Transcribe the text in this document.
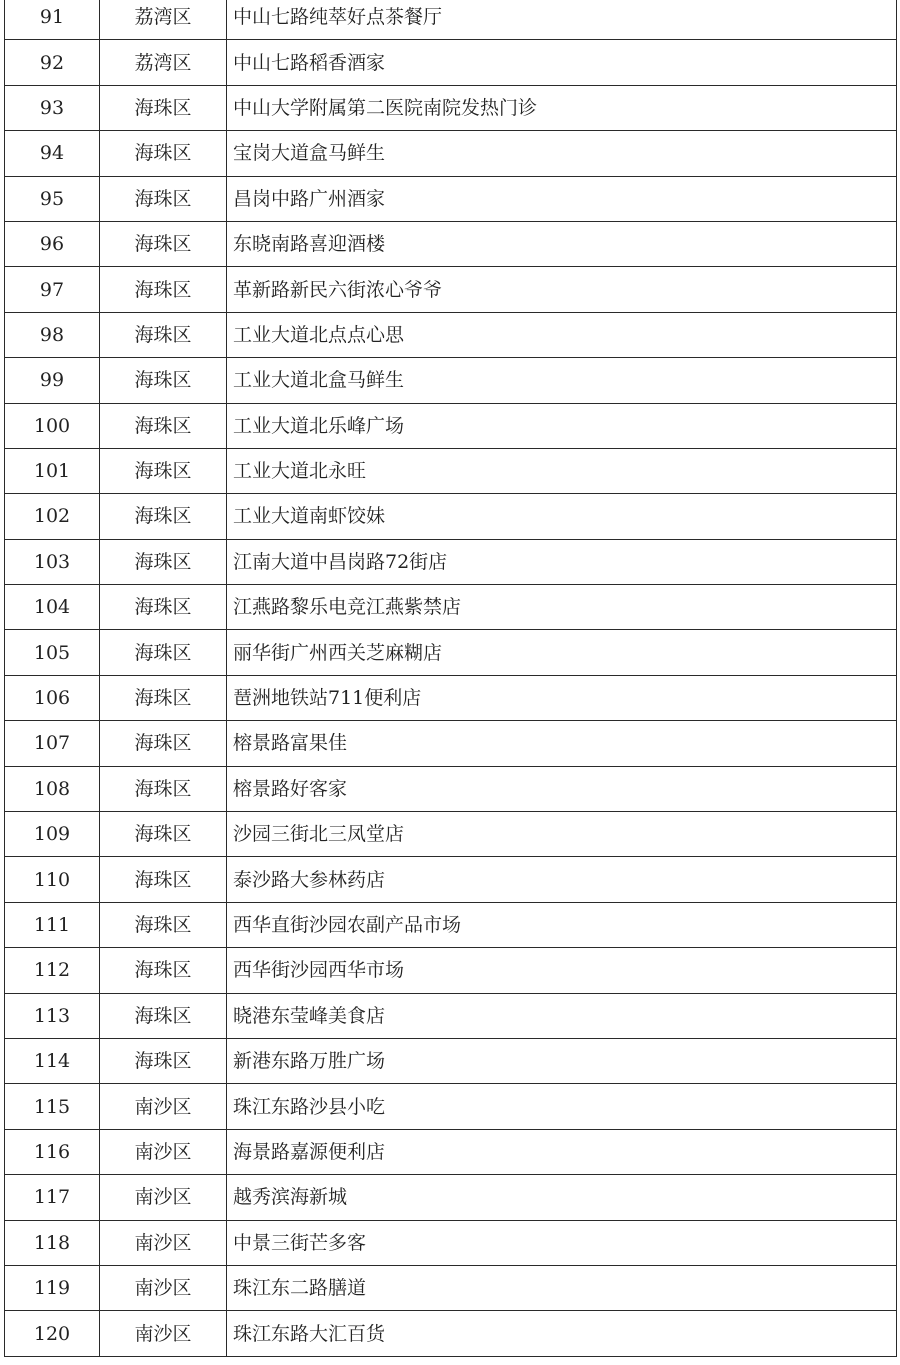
91	荔湾区	中山七路纯萃好点茶餐厅
92	荔湾区	中山七路稻香酒家
93	海珠区	中山大学附属第二医院南院发热门诊
94	海珠区	宝岗大道盒马鲜生
95	海珠区	昌岗中路广州酒家
96	海珠区	东晓南路喜迎酒楼
97	海珠区	革新路新民六街浓心爷爷
98	海珠区	工业大道北点点心思
99	海珠区	工业大道北盒马鲜生
100	海珠区	工业大道北乐峰广场
101	海珠区	工业大道北永旺
102	海珠区	工业大道南虾饺妹
103	海珠区	江南大道中昌岗路72街店
104	海珠区	江燕路黎乐电竞江燕紫禁店
105	海珠区	丽华街广州西关芝麻糊店
106	海珠区	琶洲地铁站711便利店
107	海珠区	榕景路富果佳
108	海珠区	榕景路好客家
109	海珠区	沙园三街北三凤堂店
110	海珠区	泰沙路大参林药店
111	海珠区	西华直街沙园农副产品市场
112	海珠区	西华街沙园西华市场
113	海珠区	晓港东莹峰美食店
114	海珠区	新港东路万胜广场
115	南沙区	珠江东路沙县小吃
116	南沙区	海景路嘉源便利店
117	南沙区	越秀滨海新城
118	南沙区	中景三街芒多客
119	南沙区	珠江东二路膳道
120	南沙区	珠江东路大汇百货
